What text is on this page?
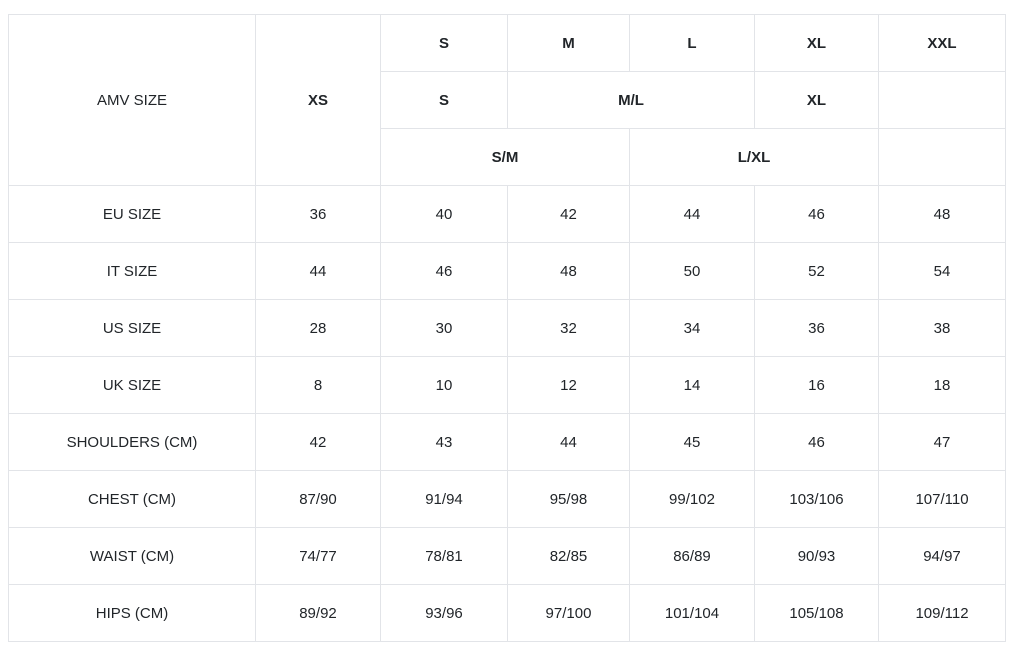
AMV SIZE	XS	S	M	L	XL	XXL
		S	M/L		XL	
		S/M		L/XL		
EU SIZE	36	40	42	44	46	48
IT SIZE	44	46	48	50	52	54
US SIZE	28	30	32	34	36	38
UK SIZE	8	10	12	14	16	18
SHOULDERS (CM)	42	43	44	45	46	47
CHEST (CM)	87/90	91/94	95/98	99/102	103/106	107/110
WAIST (CM)	74/77	78/81	82/85	86/89	90/93	94/97
HIPS (CM)	89/92	93/96	97/100	101/104	105/108	109/112
